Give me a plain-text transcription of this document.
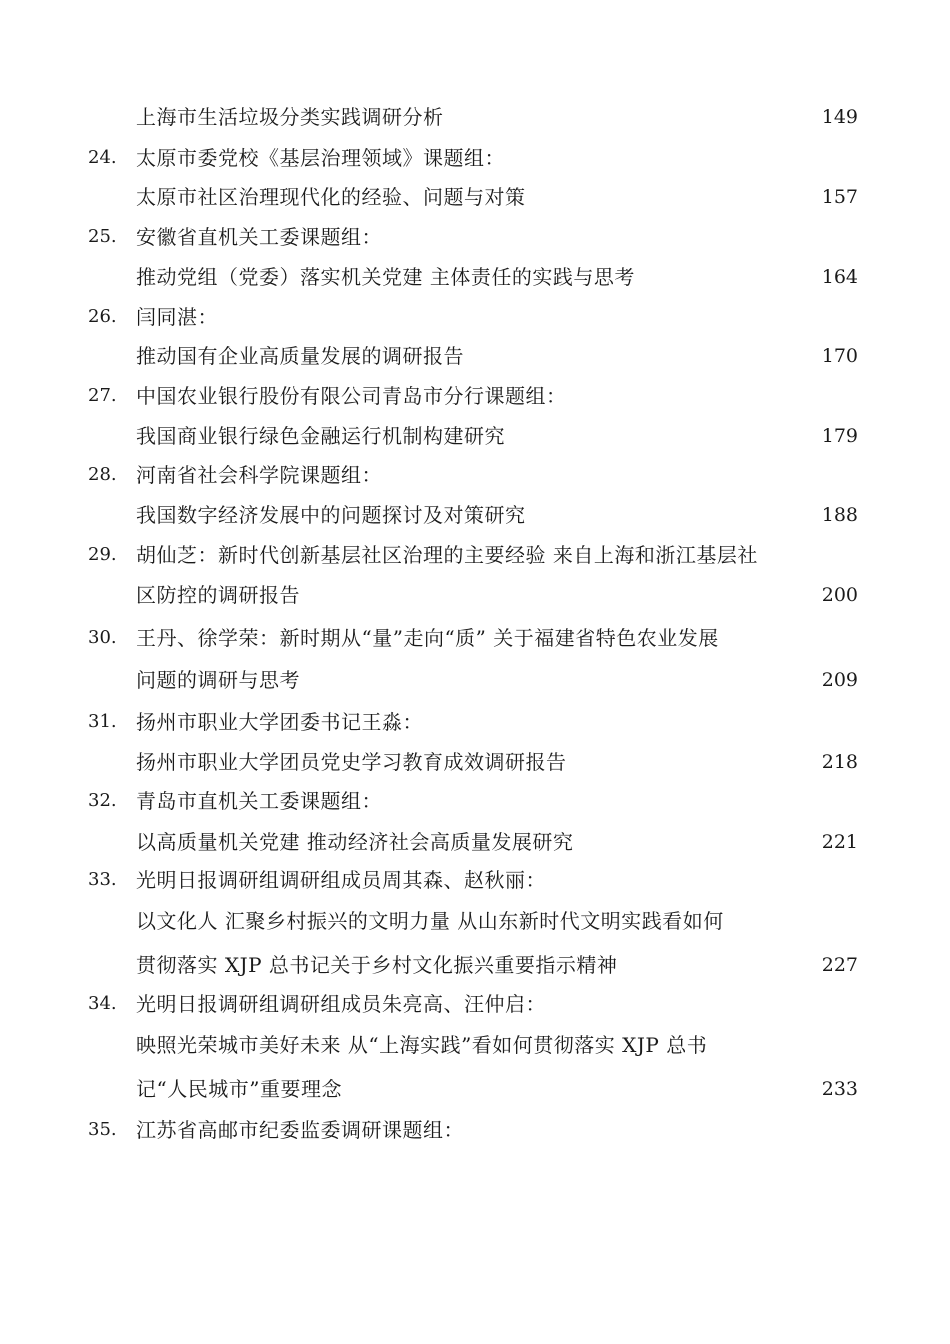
上海市生活垃圾分类实践调研分析	149
24. 太原市委党校《基层治理领域》课题组：
太原市社区治理现代化的经验、问题与对策	157
25. 安徽省直机关工委课题组：
推动党组（党委）落实机关党建 主体责任的实践与思考	164
26. 闫同湛：
推动国有企业高质量发展的调研报告	170
27. 中国农业银行股份有限公司青岛市分行课题组：
我国商业银行绿色金融运行机制构建研究	179
28. 河南省社会科学院课题组：
我国数字经济发展中的问题探讨及对策研究	188
29. 胡仙芝：新时代创新基层社区治理的主要经验 来自上海和浙江基层社
区防控的调研报告	200
30. 王丹、徐学荣：新时期从“量”走向“质” 关于福建省特色农业发展
问题的调研与思考	209
31. 扬州市职业大学团委书记王淼：
扬州市职业大学团员党史学习教育成效调研报告	218
32. 青岛市直机关工委课题组：
以高质量机关党建 推动经济社会高质量发展研究	221
33. 光明日报调研组调研组成员周其森、赵秋丽：
以文化人 汇聚乡村振兴的文明力量 从山东新时代文明实践看如何
贯彻落实 XJP 总书记关于乡村文化振兴重要指示精神	227
34. 光明日报调研组调研组成员朱亮高、汪仲启：
映照光荣城市美好未来 从“上海实践”看如何贯彻落实 XJP 总书
记“人民城市”重要理念	233
35. 江苏省高邮市纪委监委调研课题组：
